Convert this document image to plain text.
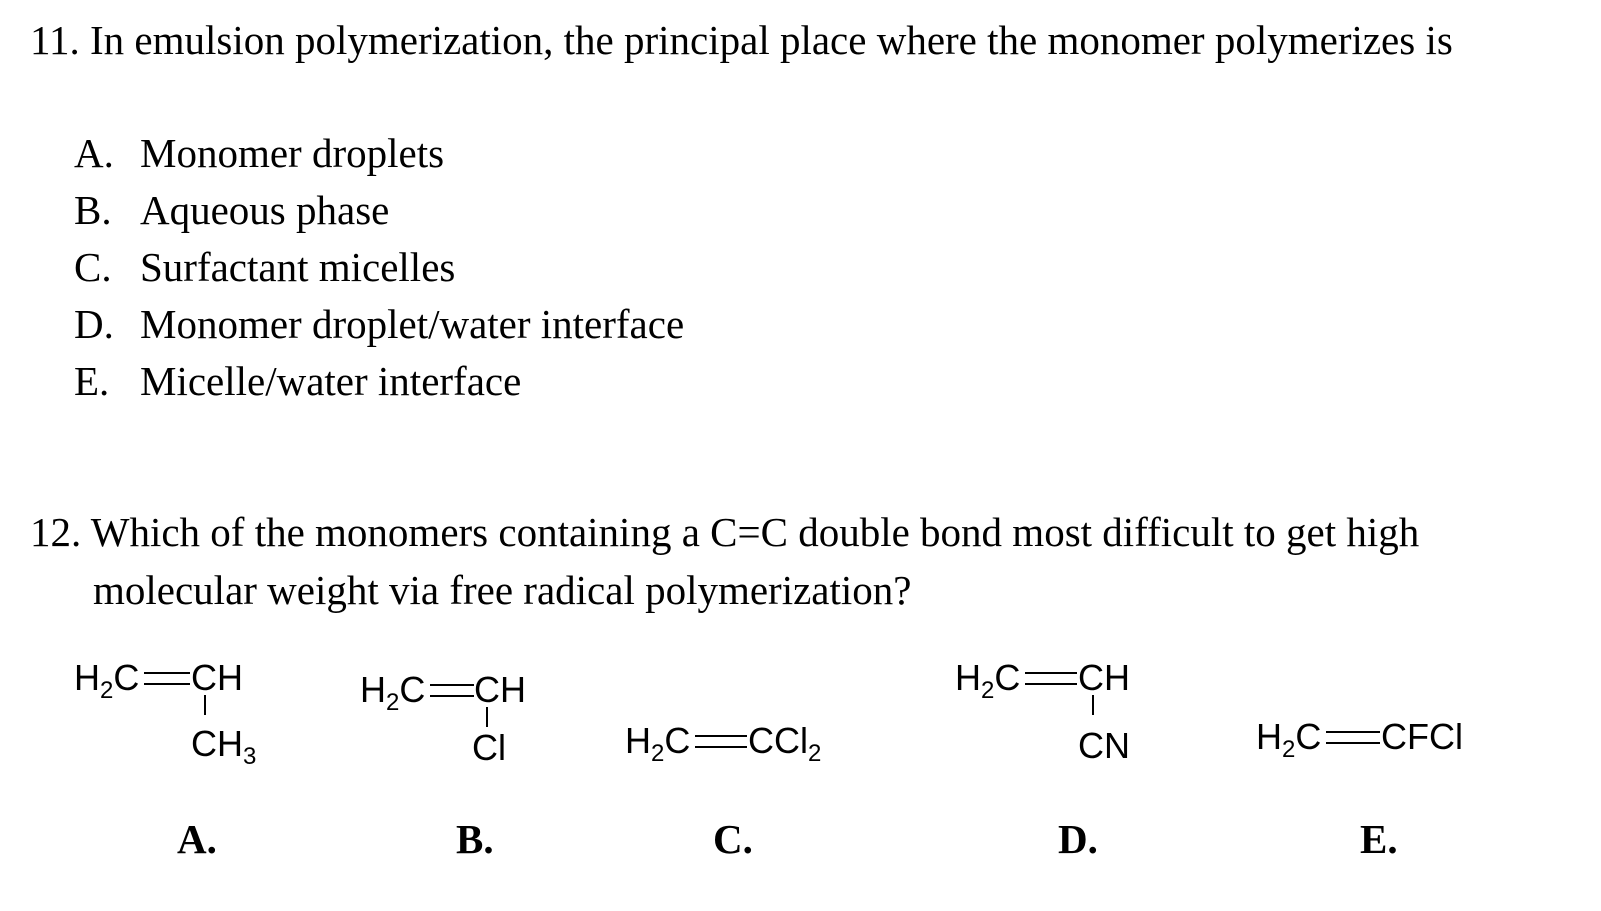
11. In emulsion polymerization, the principal place where the monomer polymerizes is
A. Monomer droplets
B. Aqueous phase
C. Surfactant micelles
D. Monomer droplet/water interface
E. Micelle/water interface
12. Which of the monomers containing a C=C double bond most difficult to get high
molecular weight via free radical polymerization?
$H_2C$ CH
$CH_3$
A.
$H_2C$ CH
Cl
B.
$H_2C$ CCl$_2$
C.
$H_2C$ CH
CN
D.
$H_2C$ CFCl
E.
